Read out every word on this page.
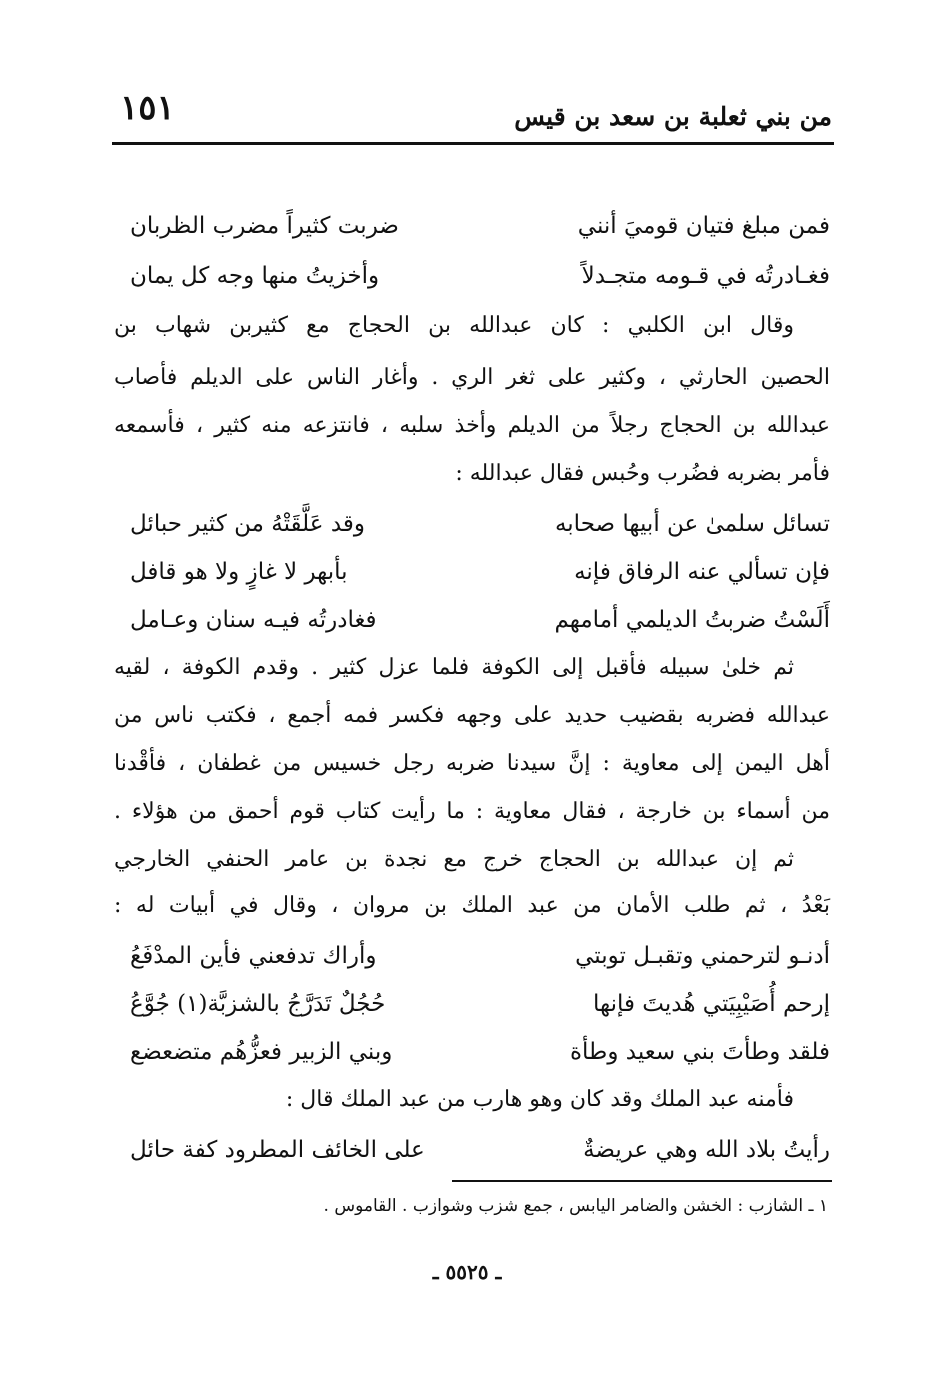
من بني ثعلبة بن سعد بن قيس
١٥١
فمن مبلغ فتيان قوميَ أنني
ضربت كثيراً مضرب الظربان
فغـادرتُه في قـومه متجـدلاً
وأخزيتُ منها وجه كل يمان
وقال ابن الكلبي : كان عبدالله بن الحجاج مع كثيربن شهاب بن
الحصين الحارثي ، وكثير على ثغر الري . وأغار الناس على الديلم فأصاب
عبدالله بن الحجاج رجلاً من الديلم وأخذ سلبه ، فانتزعه منه كثير ، فأسمعه
فأمر بضربه فضُرب وحُبس فقال عبدالله :
تسائل سلمىٰ عن أبيها صحابه
وقد عَلَّقَتْهُ من كثير حبائل
فإن تسألي عنه الرفاق فإنه
بأبهر لا غازٍ ولا هو قافل
أَلَسْتُ ضربتُ الديلمي أمامهم
فغادرتُه فيـه سنان وعـامل
ثم خلىٰ سبيله فأقبل إلى الكوفة فلما عزل كثير . وقدم الكوفة ، لقيه
عبدالله فضربه بقضيب حديد على وجهه فكسر فمه أجمع ، فكتب ناس من
أهل اليمن إلى معاوية : إنَّ سيدنا ضربه رجل خسيس من غطفان ، فأقْدنا
من أسماء بن خارجة ، فقال معاوية : ما رأيت كتاب قوم أحمق من هؤلاء .
ثم إن عبدالله بن الحجاج خرج مع نجدة بن عامر الحنفي الخارجي
بَعْدُ ، ثم طلب الأمان من عبد الملك بن مروان ، وقال في أبيات له :
أدنـو لترحمني وتقبـل توبتي
وأراك تدفعني فأين المدْفَعُ
إرحم أُصَيْبِيَتي هُديتَ فإنها
حُجُلٌ تَدَرَّجُ بالشزبَّة(١) جُوَّعُ
فلقد وطأتَ بني سعيد وطأة
وبني الزبير فعزُّهُم متضعضع
فأمنه عبد الملك وقد كان وهو هارب من عبد الملك قال :
رأيتُ بلاد الله وهي عريضةٌ
على الخائف المطرود كفة حائل
١ ـ الشازب : الخشن والضامر اليابس ، جمع شزب وشوازب . القاموس .
ـ ٥٥٢٥ ـ
